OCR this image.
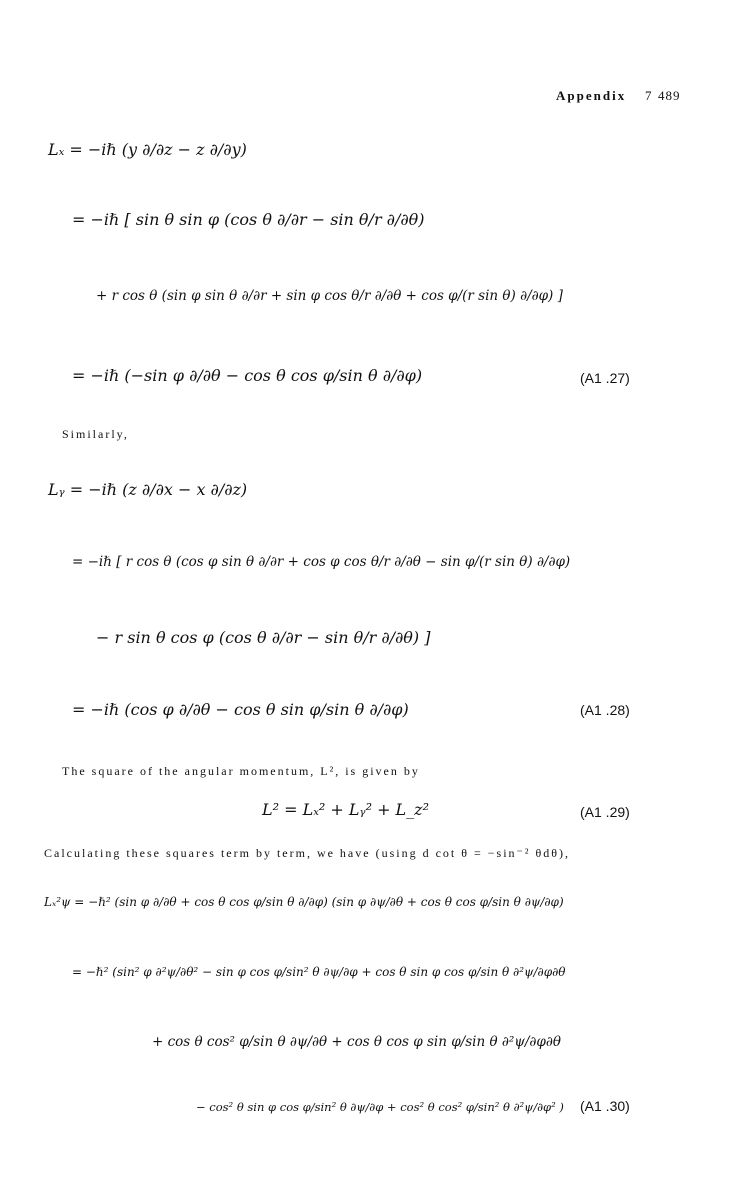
Appendix 7 489
Lₓ = −iℏ (y ∂/∂z − z ∂/∂y)
= −iℏ [ sin θ sin φ (cos θ ∂/∂r − sin θ/r ∂/∂θ)
+ r cos θ (sin φ sin θ ∂/∂r + sin φ cos θ/r ∂/∂θ + cos φ/(r sin θ) ∂/∂φ) ]
= −iℏ (−sin φ ∂/∂θ − cos θ cos φ/sin θ ∂/∂φ)	(A1 .27)
Similarly,
Lᵧ = −iℏ (z ∂/∂x − x ∂/∂z)
= −iℏ [ r cos θ (cos φ sin θ ∂/∂r + cos φ cos θ/r ∂/∂θ − sin φ/(r sin θ) ∂/∂φ)
− r sin θ cos φ (cos θ ∂/∂r − sin θ/r ∂/∂θ) ]
= −iℏ (cos φ ∂/∂θ − cos θ sin φ/sin θ ∂/∂φ)	(A1 .28)
The square of the angular momentum, L², is given by
L² = Lₓ² + Lᵧ² + L_z²	(A1 .29)
Calculating these squares term by term, we have (using d cot θ = −sin⁻² θdθ),
Lₓ²ψ = −ℏ² (sin φ ∂/∂θ + cos θ cos φ/sin θ ∂/∂φ) (sin φ ∂ψ/∂θ + cos θ cos φ/sin θ ∂ψ/∂φ)
= −ℏ² (sin² φ ∂²ψ/∂θ² − sin φ cos φ/sin² θ ∂ψ/∂φ + cos θ sin φ cos φ/sin θ ∂²ψ/∂φ∂θ
+ cos θ cos² φ/sin θ ∂ψ/∂θ + cos θ cos φ sin φ/sin θ ∂²ψ/∂φ∂θ
− cos² θ sin φ cos φ/sin² θ ∂ψ/∂φ + cos² θ cos² φ/sin² θ ∂²ψ/∂φ² ) (A1 .30)
